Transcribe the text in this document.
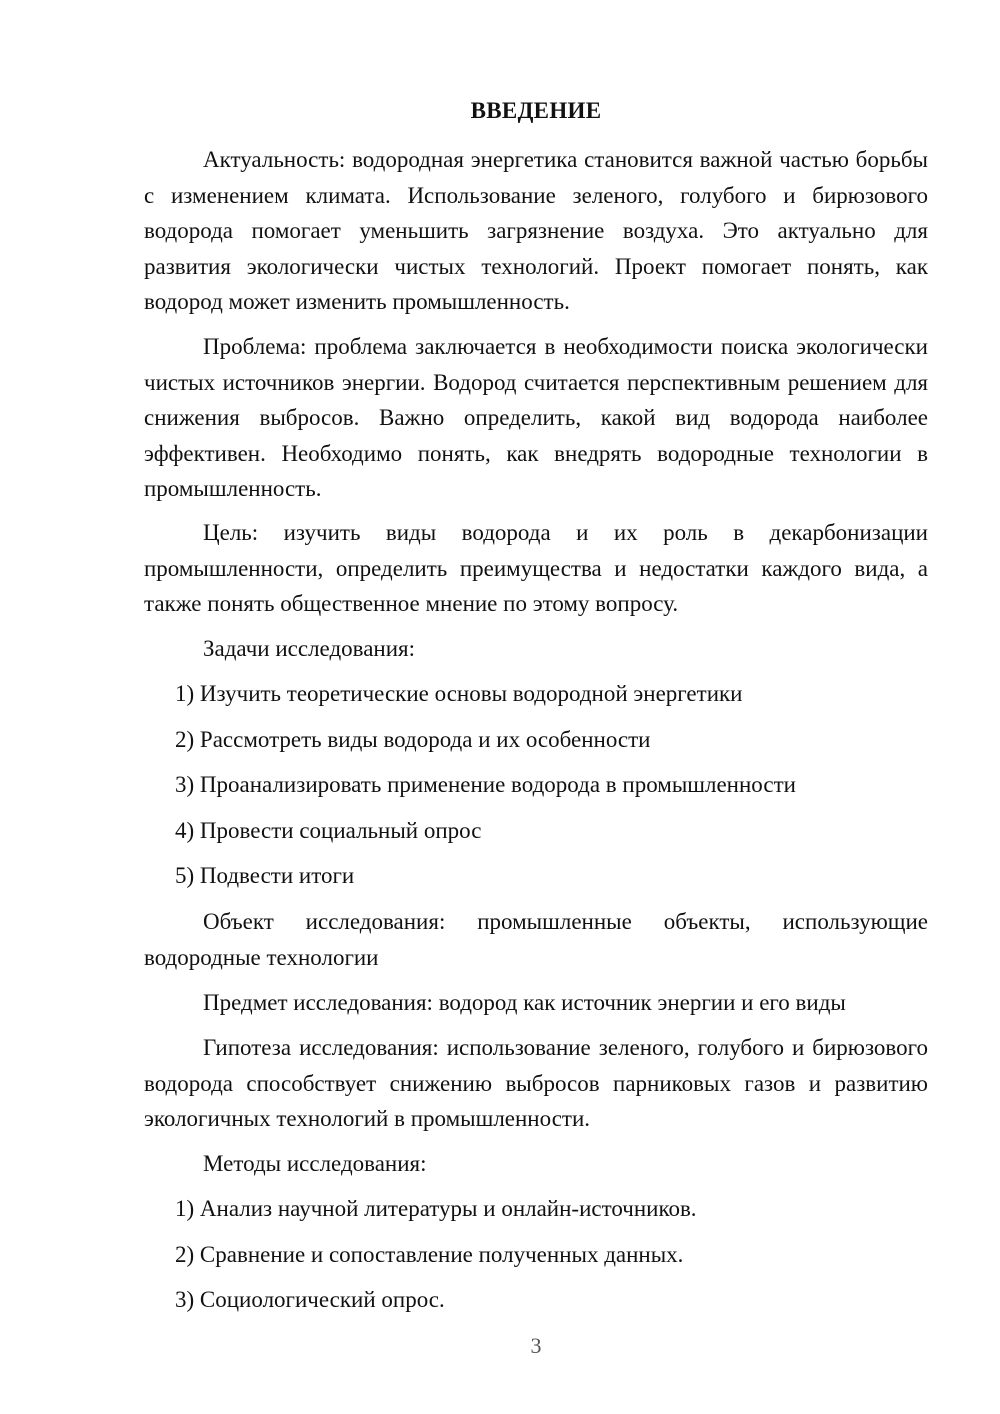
ВВЕДЕНИЕ

Актуальность: водородная энергетика становится важной частью борьбы с изменением климата. Использование зеленого, голубого и бирюзового водорода помогает уменьшить загрязнение воздуха. Это актуально для развития экологически чистых технологий. Проект помогает понять, как водород может изменить промышленность.

Проблема: проблема заключается в необходимости поиска экологически чистых источников энергии. Водород считается перспективным решением для снижения выбросов. Важно определить, какой вид водорода наиболее эффективен. Необходимо понять, как внедрять водородные технологии в промышленность.

Цель: изучить виды водорода и их роль в декарбонизации промышленности, определить преимущества и недостатки каждого вида, а также понять общественное мнение по этому вопросу.

Задачи исследования:

1) Изучить теоретические основы водородной энергетики

2) Рассмотреть виды водорода и их особенности

3) Проанализировать применение водорода в промышленности

4) Провести социальный опрос

5) Подвести итоги

Объект исследования: промышленные объекты, использующие водородные технологии

Предмет исследования: водород как источник энергии и его виды

Гипотеза исследования: использование зеленого, голубого и бирюзового водорода способствует снижению выбросов парниковых газов и развитию экологичных технологий в промышленности.

Методы исследования:

1) Анализ научной литературы и онлайн-источников.

2) Сравнение и сопоставление полученных данных.

3) Социологический опрос.

3
